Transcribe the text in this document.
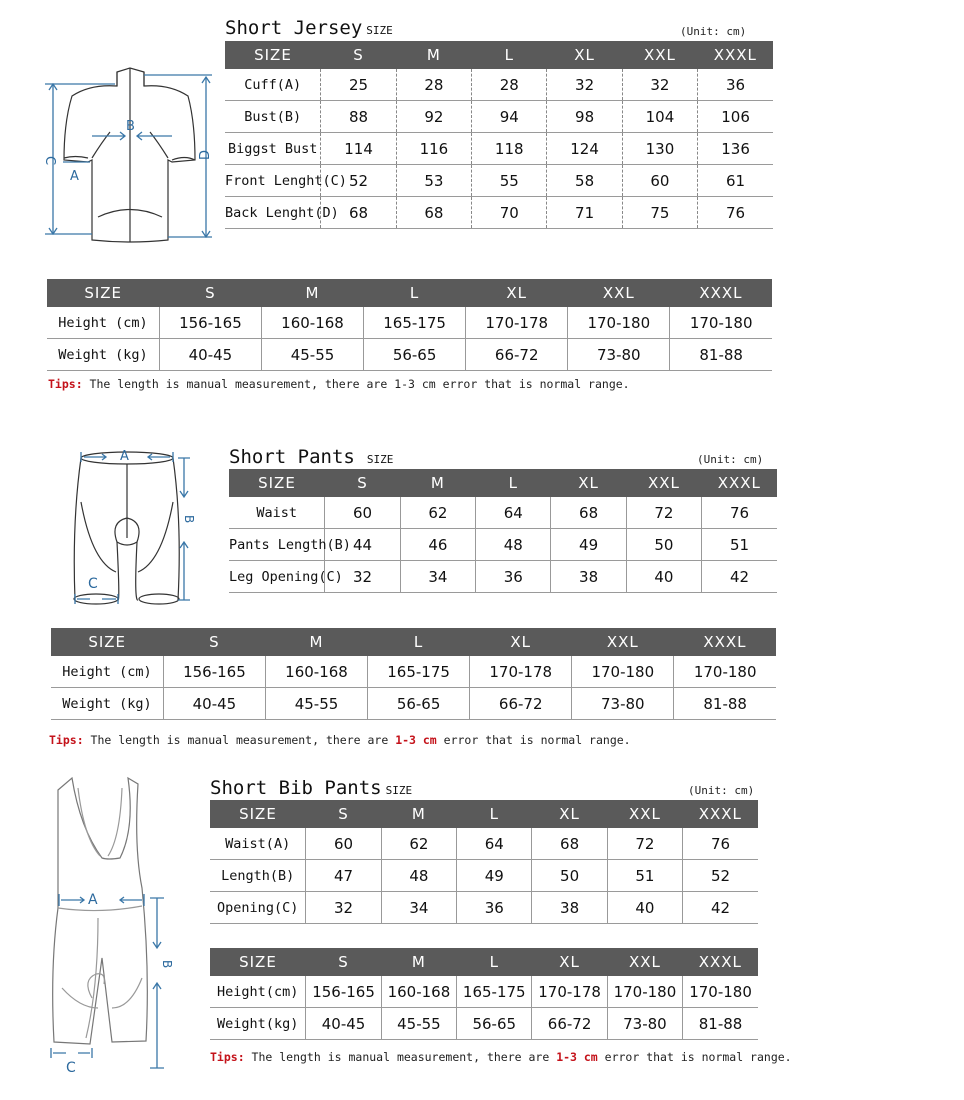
B
A
C
D
Short Jersey SIZE	(Unit: cm)
SIZE	S	M	L	XL	XXL	XXXL
Cuff(A)	25	28	28	32	32	36
Bust(B)	88	92	94	98	104	106
Biggst Bust	114	116	118	124	130	136
Front Lenght(C)	52	53	55	58	60	61
Back Lenght(D)	68	68	70	71	75	76
SIZE	S	M	L	XL	XXL	XXXL
Height (cm)	156-165	160-168	165-175	170-178	170-180	170-180
Weight (kg)	40-45	45-55	56-65	66-72	73-80	81-88
Tips: The length is manual measurement, there are 1-3 cm error that is normal range.
A
B
C
Short Pants SIZE	(Unit: cm)
SIZE	S	M	L	XL	XXL	XXXL
Waist	60	62	64	68	72	76
Pants Length(B)	44	46	48	49	50	51
Leg Opening(C)	32	34	36	38	40	42
SIZE	S	M	L	XL	XXL	XXXL
Height (cm)	156-165	160-168	165-175	170-178	170-180	170-180
Weight (kg)	40-45	45-55	56-65	66-72	73-80	81-88
Tips: The length is manual measurement, there are 1-3 cm error that is normal range.
A
B
C
Short Bib Pants SIZE	(Unit: cm)
SIZE	S	M	L	XL	XXL	XXXL
Waist(A)	60	62	64	68	72	76
Length(B)	47	48	49	50	51	52
Opening(C)	32	34	36	38	40	42
SIZE	S	M	L	XL	XXL	XXXL
Height(cm)	156-165	160-168	165-175	170-178	170-180	170-180
Weight(kg)	40-45	45-55	56-65	66-72	73-80	81-88
Tips: The length is manual measurement, there are 1-3 cm error that is normal range.
